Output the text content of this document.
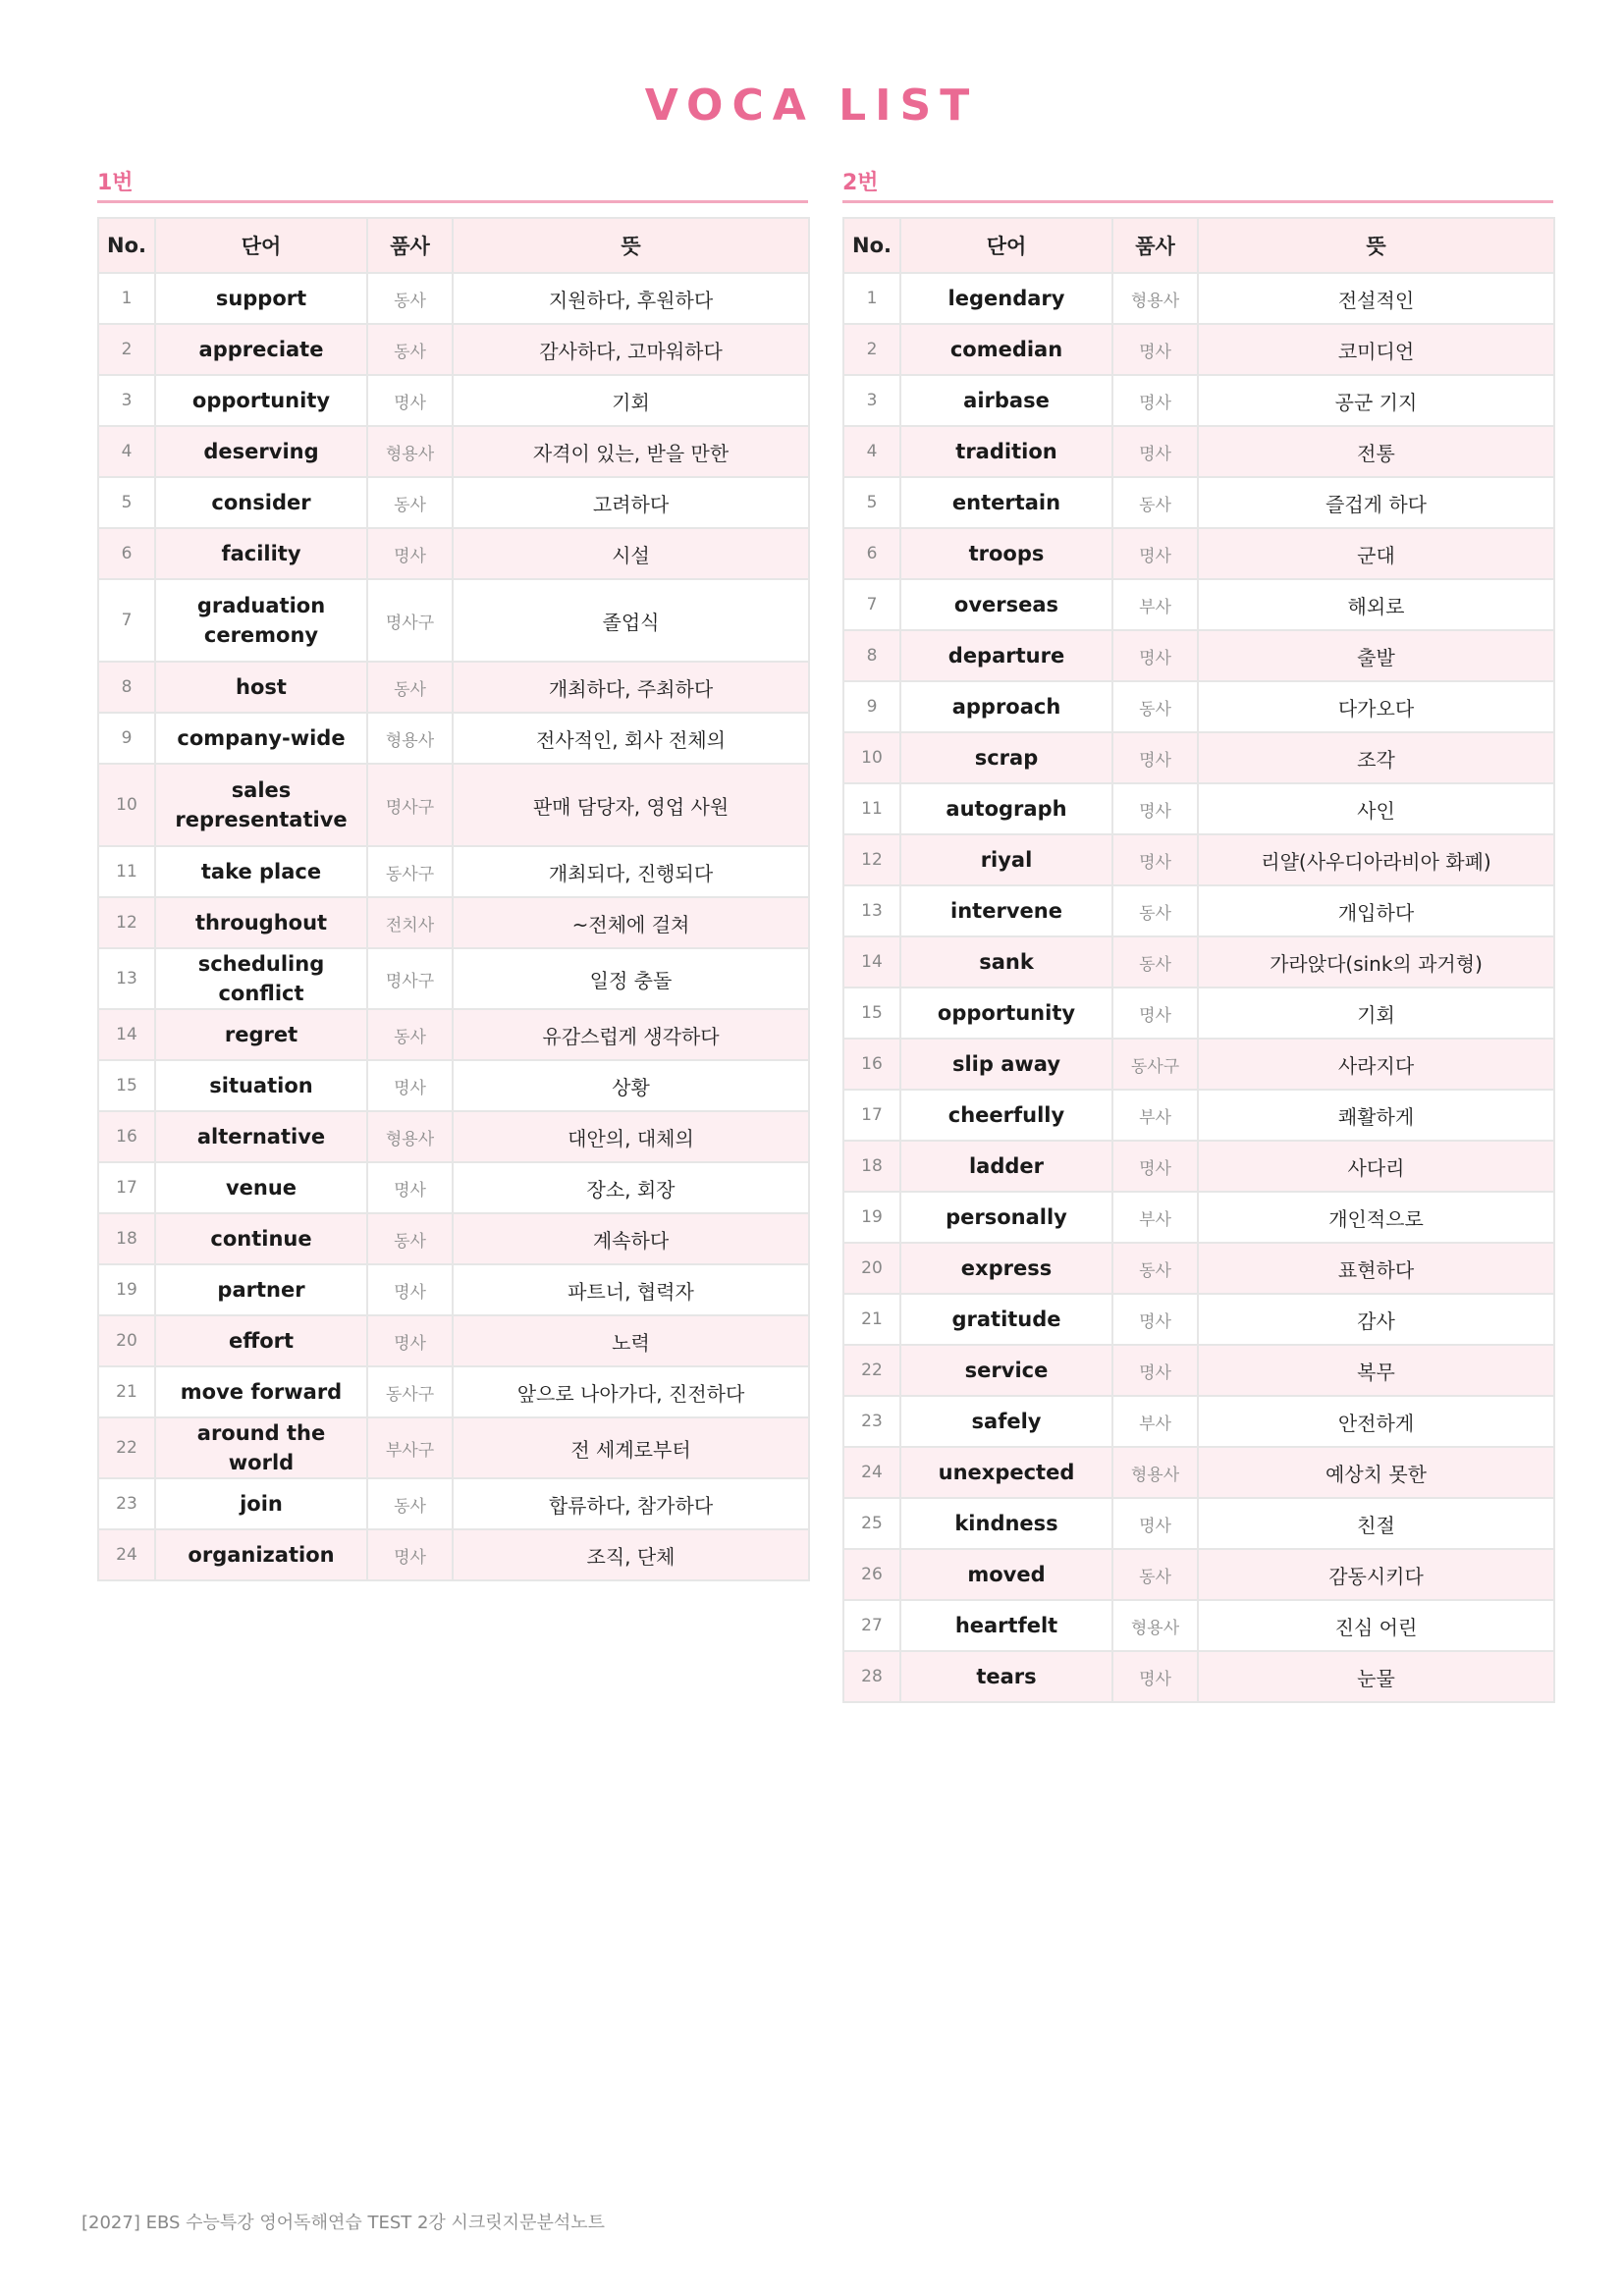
VOCA LIST
1번
No.	단어	품사	뜻
1	support	동사	지원하다, 후원하다
2	appreciate	동사	감사하다, 고마워하다
3	opportunity	명사	기회
4	deserving	형용사	자격이 있는, 받을 만한
5	consider	동사	고려하다
6	facility	명사	시설
7	graduation ceremony	명사구	졸업식
8	host	동사	개최하다, 주최하다
9	company-wide	형용사	전사적인, 회사 전체의
10	sales representative	명사구	판매 담당자, 영업 사원
11	take place	동사구	개최되다, 진행되다
12	throughout	전치사	~전체에 걸쳐
13	scheduling conflict	명사구	일정 충돌
14	regret	동사	유감스럽게 생각하다
15	situation	명사	상황
16	alternative	형용사	대안의, 대체의
17	venue	명사	장소, 회장
18	continue	동사	계속하다
19	partner	명사	파트너, 협력자
20	effort	명사	노력
21	move forward	동사구	앞으로 나아가다, 진전하다
22	around the world	부사구	전 세계로부터
23	join	동사	합류하다, 참가하다
24	organization	명사	조직, 단체
2번
No.	단어	품사	뜻
1	legendary	형용사	전설적인
2	comedian	명사	코미디언
3	airbase	명사	공군 기지
4	tradition	명사	전통
5	entertain	동사	즐겁게 하다
6	troops	명사	군대
7	overseas	부사	해외로
8	departure	명사	출발
9	approach	동사	다가오다
10	scrap	명사	조각
11	autograph	명사	사인
12	riyal	명사	리얄(사우디아라비아 화폐)
13	intervene	동사	개입하다
14	sank	동사	가라앉다(sink의 과거형)
15	opportunity	명사	기회
16	slip away	동사구	사라지다
17	cheerfully	부사	쾌활하게
18	ladder	명사	사다리
19	personally	부사	개인적으로
20	express	동사	표현하다
21	gratitude	명사	감사
22	service	명사	복무
23	safely	부사	안전하게
24	unexpected	형용사	예상치 못한
25	kindness	명사	친절
26	moved	동사	감동시키다
27	heartfelt	형용사	진심 어린
28	tears	명사	눈물
[2027] EBS 수능특강 영어독해연습 TEST 2강 시크릿지문분석노트
